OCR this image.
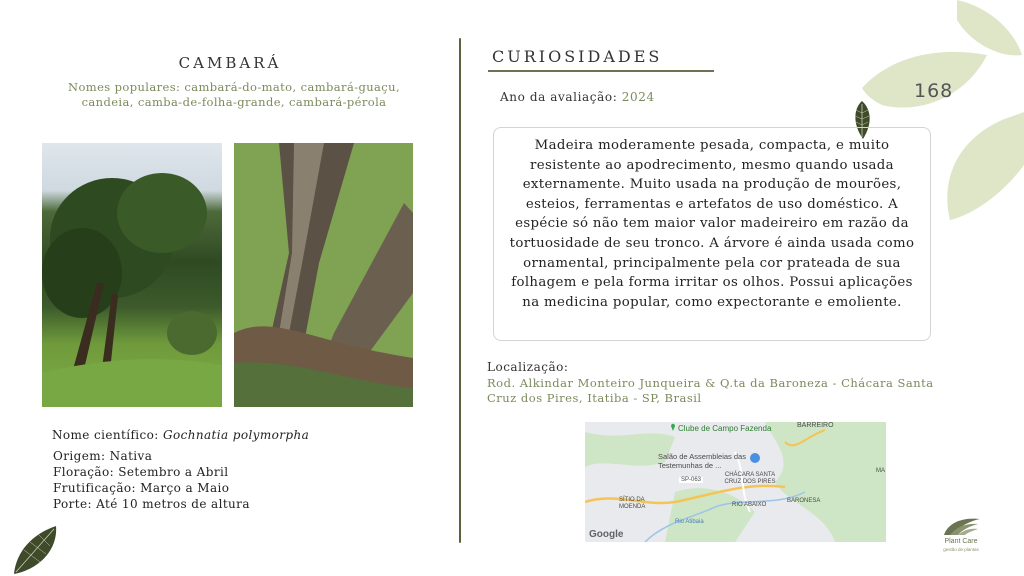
CAMBARÁ
Nomes populares: cambará-do-mato, cambará-guaçu, candeia, camba-de-folha-grande, cambará-pérola
Nome científico: Gochnatia polymorpha
Origem: Nativa
Floração: Setembro a Abril
Frutificação: Março a Maio
Porte: Até 10 metros de altura
CURIOSIDADES
Ano da avaliação: 2024
Madeira moderamente pesada, compacta, e muito resistente ao apodrecimento, mesmo quando usada externamente. Muito usada na produção de mourões, esteios, ferramentas e artefatos de uso doméstico. A espécie só não tem maior valor madeireiro em razão da tortuosidade de seu tronco. A árvore é ainda usada como ornamental, principalmente pela cor prateada de sua folhagem e pela forma irritar os olhos. Possui aplicações na medicina popular, como expectorante e emoliente.
Localização:
Rod. Alkindar Monteiro Junqueira & Q.ta da Baroneza - Chácara Santa Cruz dos Pires, Itatiba - SP, Brasil
Clube de Campo Fazenda	BARREIRO
Salão de Assembleias das Testemunhas de ...
SP-063
CHÁCARA SANTA CRUZ DOS PIRES
BARONESA
SÍTIO DA MOENDA	RIO ABAIXO
Rio Atibaia
MA
Google
168
Plant Care
gestão de plantas
